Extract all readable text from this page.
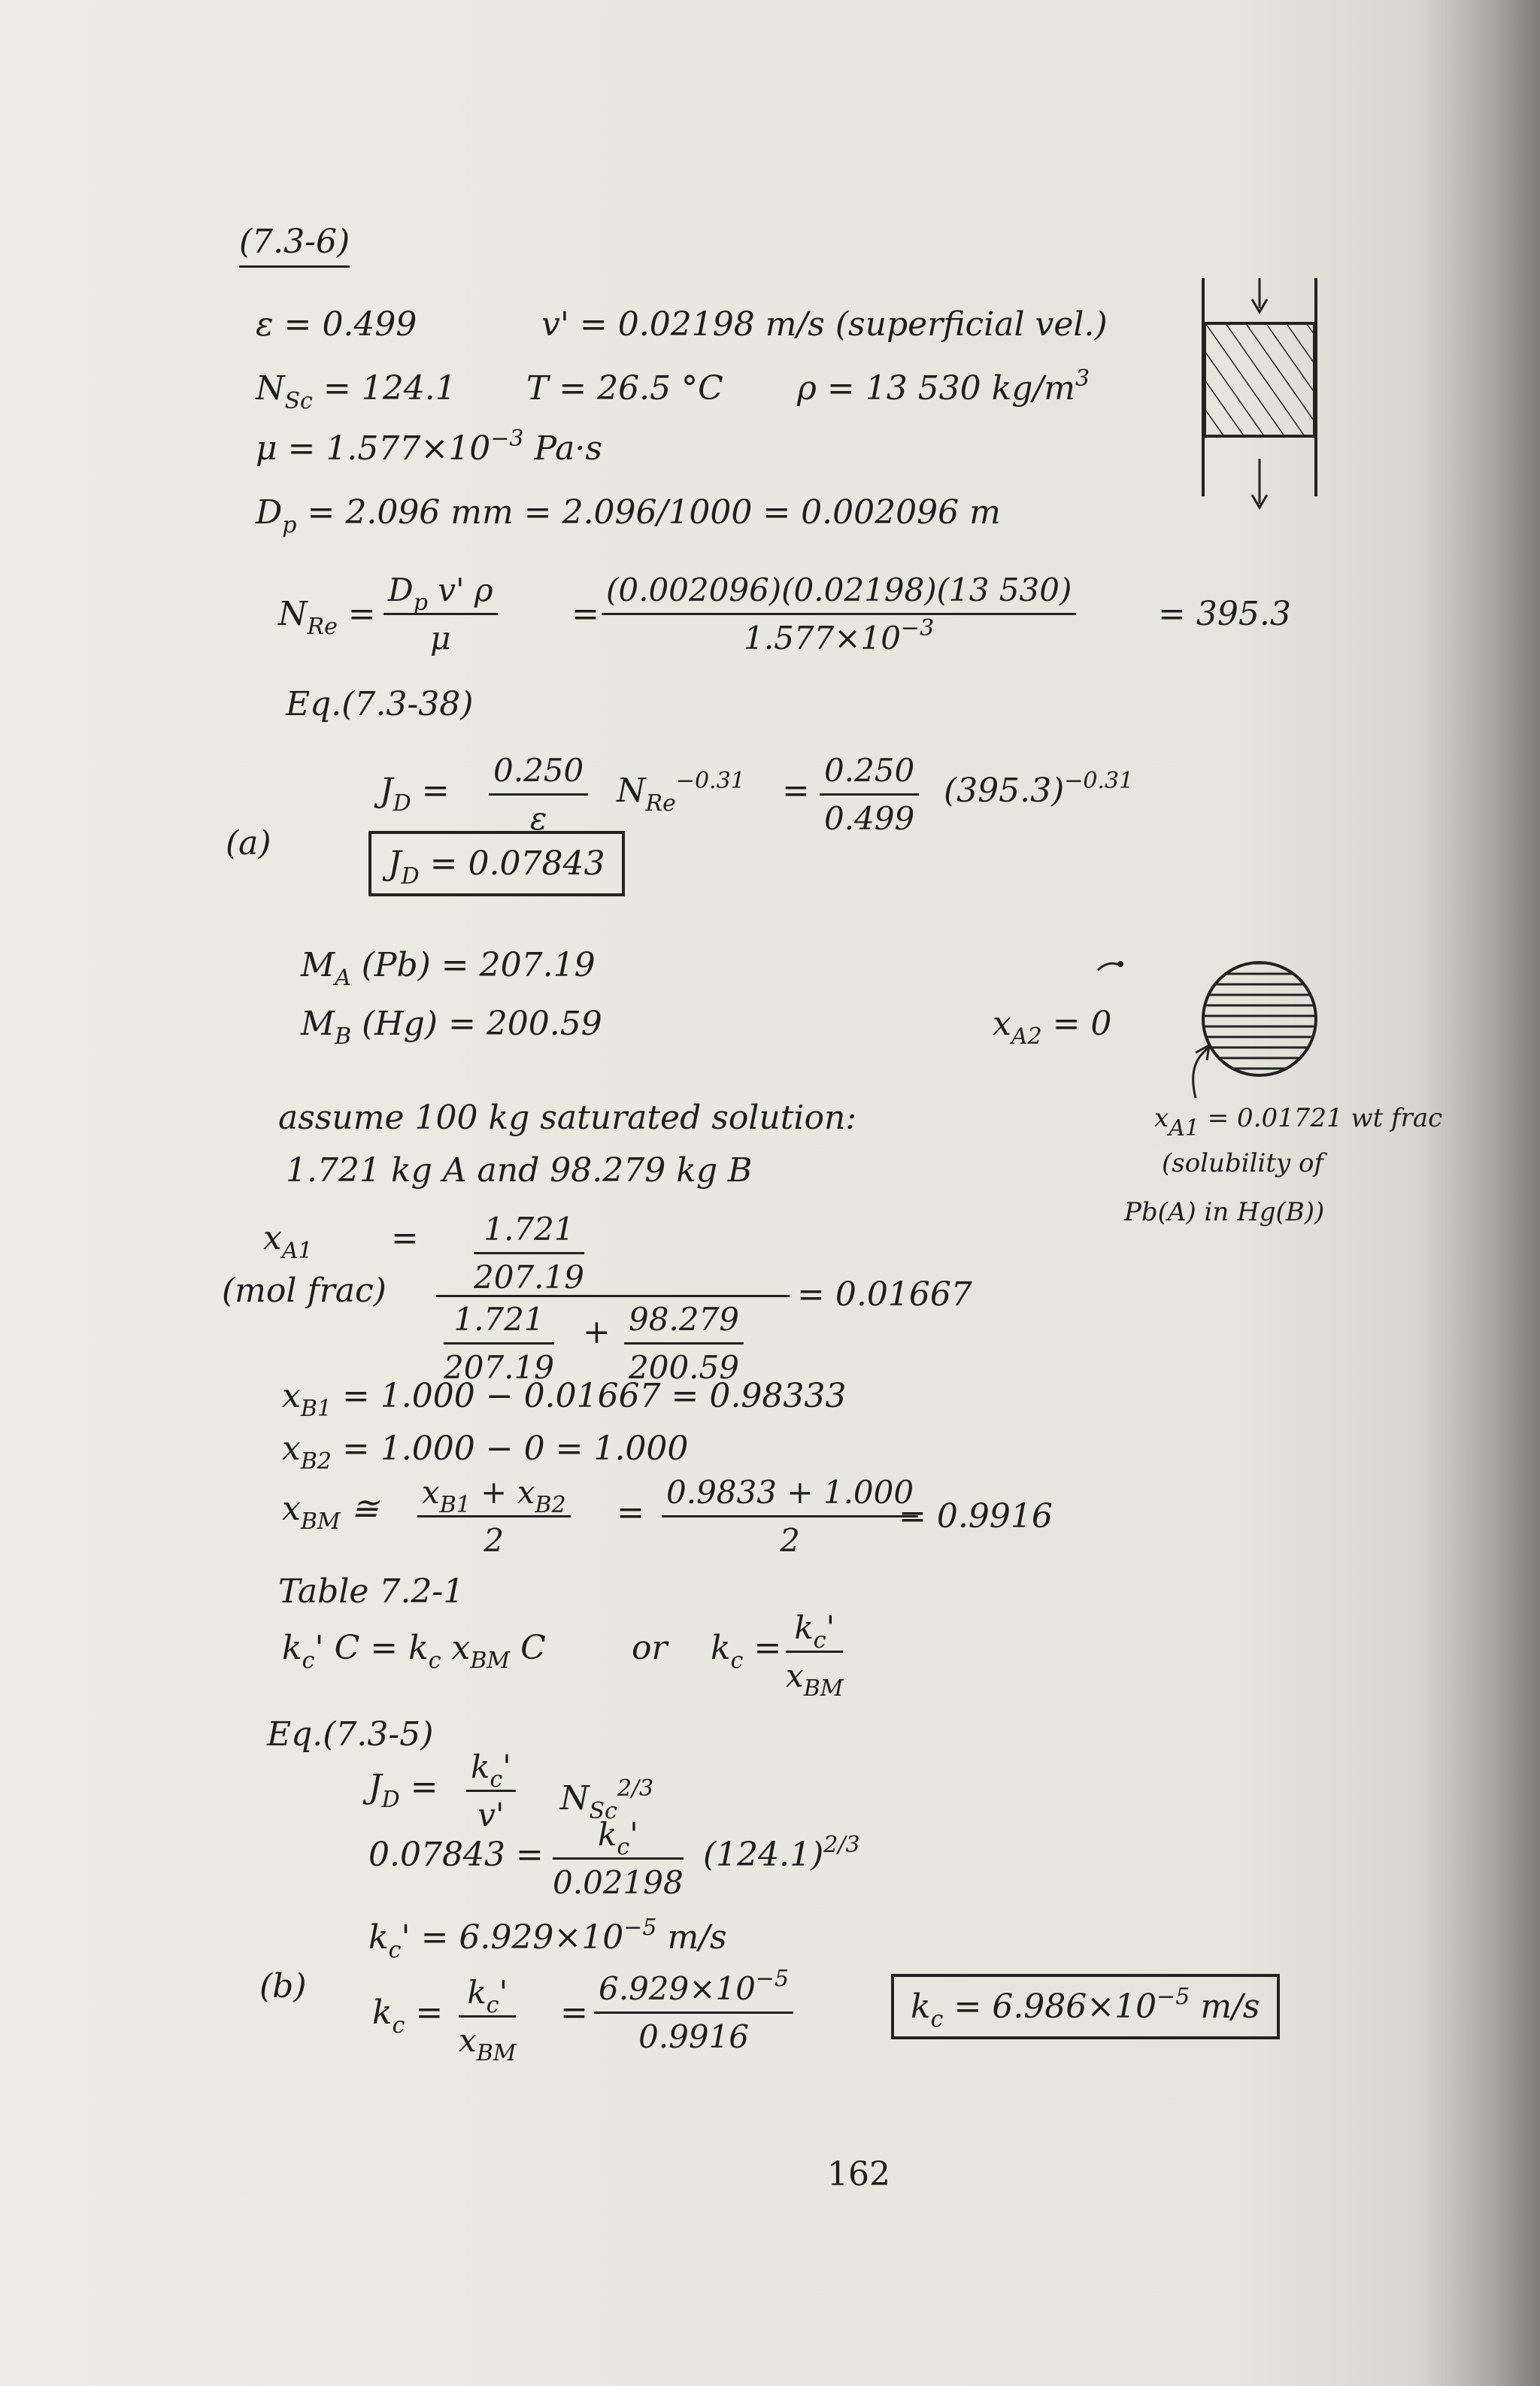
(7.3-6)
ε = 0.499	v' = 0.02198 m/s (superficial vel.)
$N_{Sc} = 124.1$ T = 26.5 °C ρ = 13 530 $kg/m^3$
$\mu = 1.577\times 10^{-3}$ Pa·s
$D_p = 2.096$ mm = 2.096/1000 = 0.002096 m
$N_{Re} = \frac{D_p v' \rho}{\mu} = \frac{(0.002096)(0.02198)(13 530)}{1.577\times 10^{-3}} = 395.3$
Eq.(7.3-38)
$J_D = \frac{0.250}{\varepsilon} N_{Re}^{-0.31} = \frac{0.250}{0.499} (395.3)^{-0.31}$
(a)
$J_D = 0.07843$
$M_A$ (Pb) = 207.19
$M_B$ (Hg) = 200.59	$x_{A2} = 0$
xA1 = 0.01721 wt frac
(solubility of
Pb(A) in Hg(B))
assume 100 kg saturated solution:
1.721 kg A and 98.279 kg B
$x_{A1}$ =
(mol frac)	$\frac{1.721}{207.19}$
$\frac{1.721}{207.19} + \frac{98.279}{200.59}$
= 0.01667
$x_{B1} = 1.000 - 0.01667 = 0.98333$
$x_{B2} = 1.000 - 0 = 1.000$
$x_{BM}$ ≅ $\frac{x_{B1} + x_{B2}}{2} = \frac{0.9833 + 1.000}{2}$
= 0.9916
Table 7.2-1
$k_c'$ $C = k_c$ $x_{BM}$ C	or $k_c$ =
$k_c'$
$x_{BM}$
Eq.(7.3-5)
$J_D = \frac{k_c'}{v'} N_{Sc}^{2/3}$
$0.07843 = \frac{k_c'}{0.02198} (124.1)^{2/3}$
$k_c' = 6.929\times 10^{-5}$ m/s
(b)
$k_c$ =
$k_c'$
$x_{BM}$
= $\frac{6.929\times 10^{-5}}{0.9916}$	$k_c = 6.986\times 10^{-5}$ m/s
162
